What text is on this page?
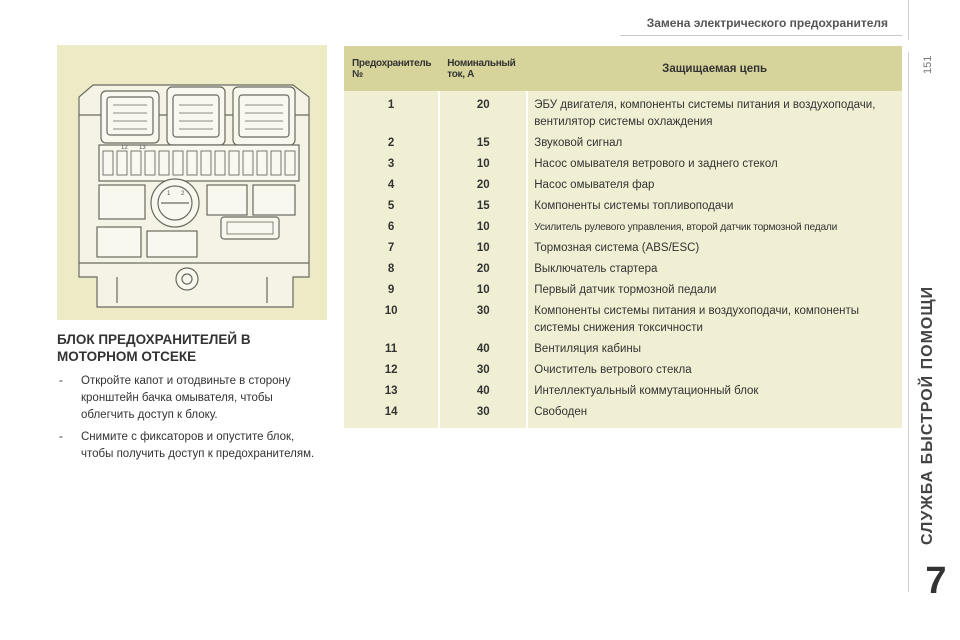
Замена электрического предохранителя
151
СЛУЖБА БЫСТРОЙ ПОМОЩИ
7
12 13
1 2
БЛОК ПРЕДОХРАНИТЕЛЕЙ В МОТОРНОМ ОТСЕКЕ
- Откройте капот и отодвиньте в сторону кронштейн бачка омывателя, чтобы облегчить доступ к блоку.
- Снимите с фиксаторов и опустите блок, чтобы получить доступ к предохранителям.
Предохранитель №	Номинальный ток, А	Защищаемая цепь
1	20	ЭБУ двигателя, компоненты системы питания и воздухоподачи, вентилятор системы охлаждения
2	15	Звуковой сигнал
3	10	Насос омывателя ветрового и заднего стекол
4	20	Насос омывателя фар
5	15	Компоненты системы топливоподачи
6	10	Усилитель рулевого управления, второй датчик тормозной педали
7	10	Тормозная система (ABS/ESC)
8	20	Выключатель стартера
9	10	Первый датчик тормозной педали
10	30	Компоненты системы питания и воздухоподачи, компоненты системы снижения токсичности
11	40	Вентиляция кабины
12	30	Очиститель ветрового стекла
13	40	Интеллектуальный коммутационный блок
14	30	Свободен
